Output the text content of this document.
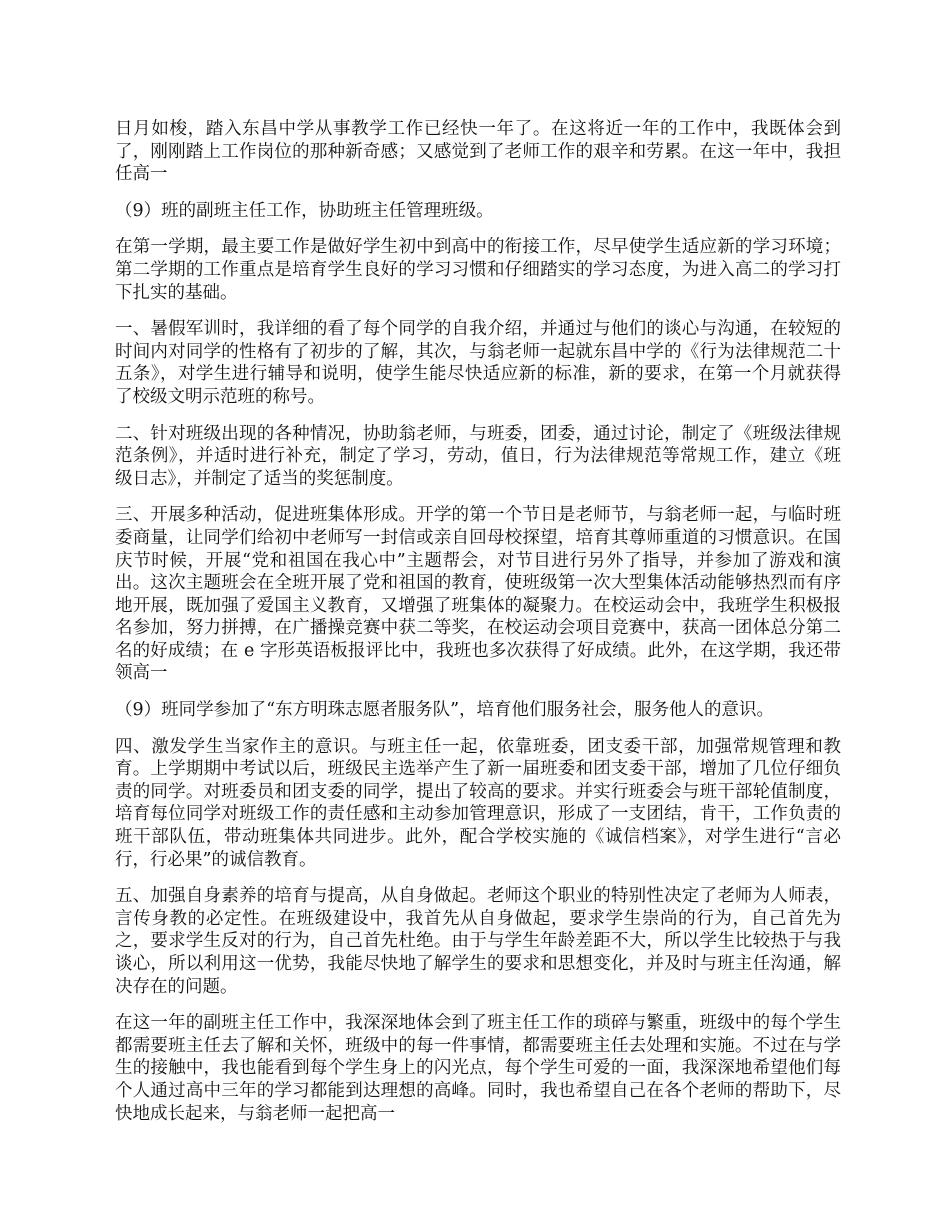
日月如梭，踏入东昌中学从事教学工作已经快一年了。在这将近一年的工作中，我既体会到了，刚刚踏上工作岗位的那种新奇感；又感觉到了老师工作的艰辛和劳累。在这一年中，我担任高一

（9）班的副班主任工作，协助班主任管理班级。

在第一学期，最主要工作是做好学生初中到高中的衔接工作，尽早使学生适应新的学习环境；第二学期的工作重点是培育学生良好的学习习惯和仔细踏实的学习态度，为进入高二的学习打下扎实的基础。

一、暑假军训时，我详细的看了每个同学的自我介绍，并通过与他们的谈心与沟通，在较短的时间内对同学的性格有了初步的了解，其次，与翁老师一起就东昌中学的《行为法律规范二十五条》，对学生进行辅导和说明，使学生能尽快适应新的标准，新的要求，在第一个月就获得了校级文明示范班的称号。

二、针对班级出现的各种情况，协助翁老师，与班委，团委，通过讨论，制定了《班级法律规范条例》，并适时进行补充，制定了学习，劳动，值日，行为法律规范等常规工作，建立《班级日志》，并制定了适当的奖惩制度。

三、开展多种活动，促进班集体形成。开学的第一个节日是老师节，与翁老师一起，与临时班委商量，让同学们给初中老师写一封信或亲自回母校探望，培育其尊师重道的习惯意识。在国庆节时候，开展“党和祖国在我心中”主题帮会，对节目进行另外了指导，并参加了游戏和演出。这次主题班会在全班开展了党和祖国的教育，使班级第一次大型集体活动能够热烈而有序地开展，既加强了爱国主义教育，又增强了班集体的凝聚力。在校运动会中，我班学生积极报名参加，努力拼搏，在广播操竞赛中获二等奖，在校运动会项目竞赛中，获高一团体总分第二名的好成绩；在 e 字形英语板报评比中，我班也多次获得了好成绩。此外，在这学期，我还带领高一

（9）班同学参加了“东方明珠志愿者服务队”，培育他们服务社会，服务他人的意识。

四、激发学生当家作主的意识。与班主任一起，依靠班委，团支委干部，加强常规管理和教育。上学期期中考试以后，班级民主选举产生了新一届班委和团支委干部，增加了几位仔细负责的同学。对班委员和团支委的同学，提出了较高的要求。并实行班委会与班干部轮值制度，培育每位同学对班级工作的责任感和主动参加管理意识，形成了一支团结，肯干，工作负责的班干部队伍，带动班集体共同进步。此外，配合学校实施的《诚信档案》，对学生进行“言必行，行必果”的诚信教育。

五、加强自身素养的培育与提高，从自身做起。老师这个职业的特别性决定了老师为人师表，言传身教的必定性。在班级建设中，我首先从自身做起，要求学生崇尚的行为，自己首先为之，要求学生反对的行为，自己首先杜绝。由于与学生年龄差距不大，所以学生比较热于与我谈心，所以利用这一优势，我能尽快地了解学生的要求和思想变化，并及时与班主任沟通，解决存在的问题。

在这一年的副班主任工作中，我深深地体会到了班主任工作的琐碎与繁重，班级中的每个学生都需要班主任去了解和关怀，班级中的每一件事情，都需要班主任去处理和实施。不过在与学生的接触中，我也能看到每个学生身上的闪光点，每个学生可爱的一面，我深深地希望他们每个人通过高中三年的学习都能到达理想的高峰。同时，我也希望自己在各个老师的帮助下，尽快地成长起来，与翁老师一起把高一
